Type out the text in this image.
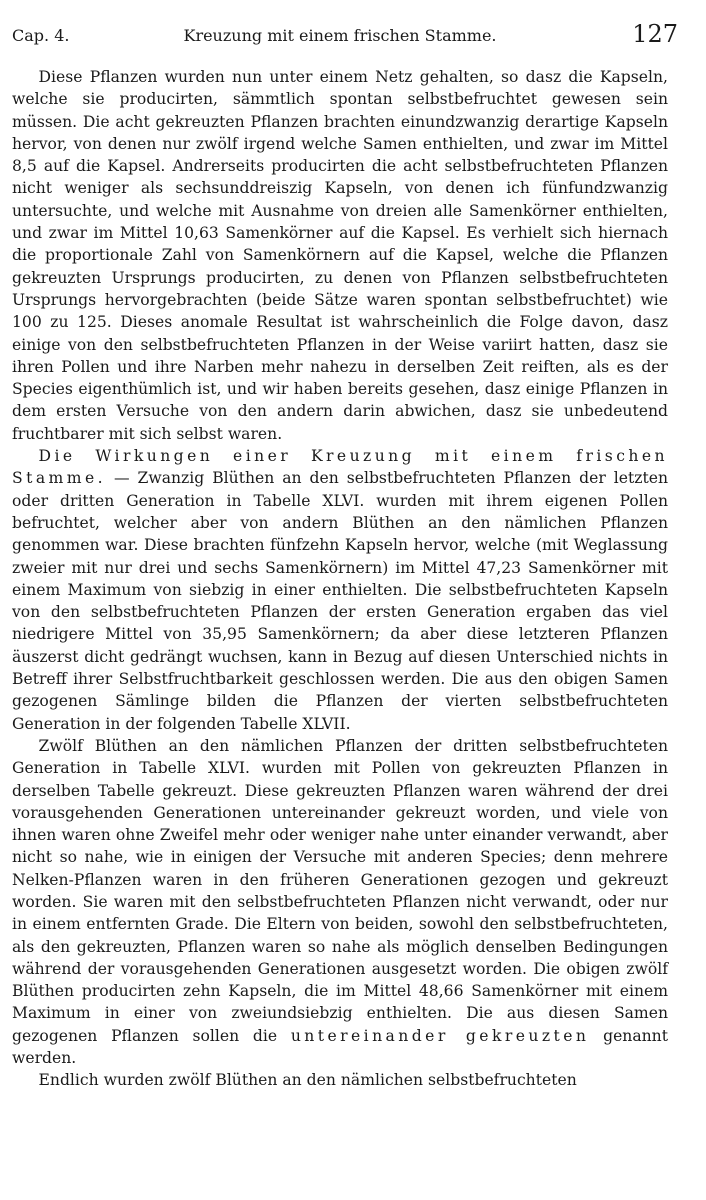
Cap. 4.	Kreuzung mit einem frischen Stamme.	127

Diese Pflanzen wurden nun unter einem Netz gehalten, so dasz die Kapseln, welche sie producirten, sämmtlich spontan selbstbefruchtet gewesen sein müssen. Die acht gekreuzten Pflanzen brachten einundzwanzig derartige Kapseln hervor, von denen nur zwölf irgend welche Samen enthielten, und zwar im Mittel 8,5 auf die Kapsel. Andrerseits producirten die acht selbstbefruchteten Pflanzen nicht weniger als sechsunddreiszig Kapseln, von denen ich fünfundzwanzig untersuchte, und welche mit Ausnahme von dreien alle Samenkörner enthielten, und zwar im Mittel 10,63 Samenkörner auf die Kapsel. Es verhielt sich hiernach die proportionale Zahl von Samenkörnern auf die Kapsel, welche die Pflanzen gekreuzten Ursprungs producirten, zu denen von Pflanzen selbstbefruchteten Ursprungs hervorgebrachten (beide Sätze waren spontan selbstbefruchtet) wie 100 zu 125. Dieses anomale Resultat ist wahrscheinlich die Folge davon, dasz einige von den selbstbefruchteten Pflanzen in der Weise variirt hatten, dasz sie ihren Pollen und ihre Narben mehr nahezu in derselben Zeit reiften, als es der Species eigenthümlich ist, und wir haben bereits gesehen, dasz einige Pflanzen in dem ersten Versuche von den andern darin abwichen, dasz sie unbedeutend fruchtbarer mit sich selbst waren.

Die Wirkungen einer Kreuzung mit einem frischen Stamme. — Zwanzig Blüthen an den selbstbefruchteten Pflanzen der letzten oder dritten Generation in Tabelle XLVI. wurden mit ihrem eigenen Pollen befruchtet, welcher aber von andern Blüthen an den nämlichen Pflanzen genommen war. Diese brachten fünfzehn Kapseln hervor, welche (mit Weglassung zweier mit nur drei und sechs Samenkörnern) im Mittel 47,23 Samenkörner mit einem Maximum von siebzig in einer enthielten. Die selbstbefruchteten Kapseln von den selbstbefruchteten Pflanzen der ersten Generation ergaben das viel niedrigere Mittel von 35,95 Samenkörnern; da aber diese letzteren Pflanzen äuszerst dicht gedrängt wuchsen, kann in Bezug auf diesen Unterschied nichts in Betreff ihrer Selbstfruchtbarkeit geschlossen werden. Die aus den obigen Samen gezogenen Sämlinge bilden die Pflanzen der vierten selbstbefruchteten Generation in der folgenden Tabelle XLVII.

Zwölf Blüthen an den nämlichen Pflanzen der dritten selbstbefruchteten Generation in Tabelle XLVI. wurden mit Pollen von gekreuzten Pflanzen in derselben Tabelle gekreuzt. Diese gekreuzten Pflanzen waren während der drei vorausgehenden Generationen untereinander gekreuzt worden, und viele von ihnen waren ohne Zweifel mehr oder weniger nahe unter einander verwandt, aber nicht so nahe, wie in einigen der Versuche mit anderen Species; denn mehrere Nelken-Pflanzen waren in den früheren Generationen gezogen und gekreuzt worden. Sie waren mit den selbstbefruchteten Pflanzen nicht verwandt, oder nur in einem entfernten Grade. Die Eltern von beiden, sowohl den selbstbefruchteten, als den gekreuzten, Pflanzen waren so nahe als möglich denselben Bedingungen während der vorausgehenden Generationen ausgesetzt worden. Die obigen zwölf Blüthen producirten zehn Kapseln, die im Mittel 48,66 Samenkörner mit einem Maximum in einer von zweiundsiebzig enthielten. Die aus diesen Samen gezogenen Pflanzen sollen die untereinander gekreuzten genannt werden.

Endlich wurden zwölf Blüthen an den nämlichen selbstbefruchteten
